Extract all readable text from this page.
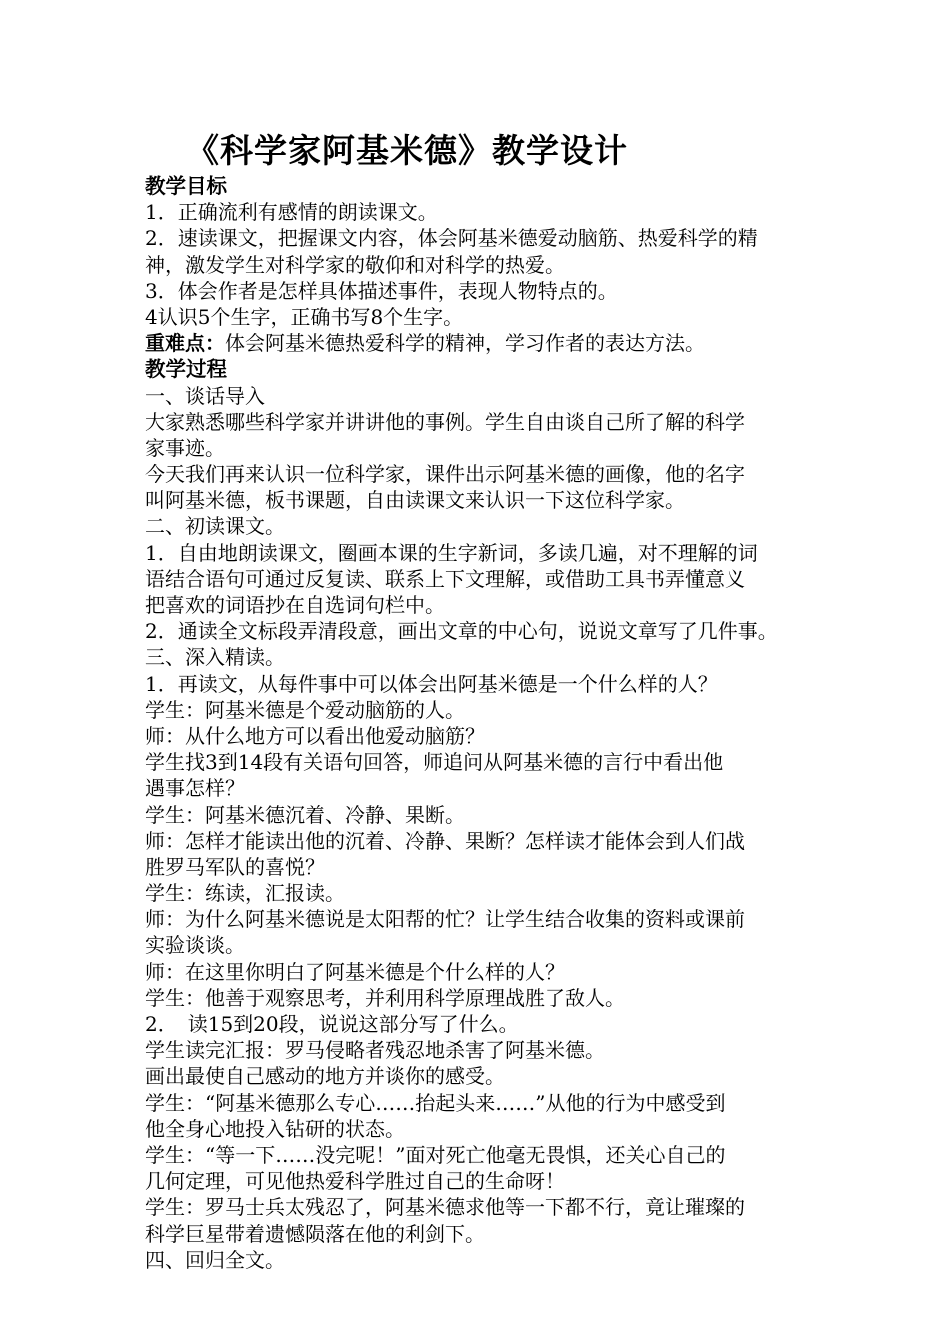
《科学家阿基米德》教学设计
教学目标
1．正确流利有感情的朗读课文。
2．速读课文，把握课文内容，体会阿基米德爱动脑筋、热爱科学的精
神，激发学生对科学家的敬仰和对科学的热爱。
3．体会作者是怎样具体描述事件，表现人物特点的。
4认识5个生字，正确书写8个生字。
重难点：体会阿基米德热爱科学的精神，学习作者的表达方法。
教学过程
一、谈话导入
大家熟悉哪些科学家并讲讲他的事例。学生自由谈自己所了解的科学
家事迹。
今天我们再来认识一位科学家，课件出示阿基米德的画像，他的名字
叫阿基米德，板书课题，自由读课文来认识一下这位科学家。
二、初读课文。
1．自由地朗读课文，圈画本课的生字新词，多读几遍，对不理解的词
语结合语句可通过反复读、联系上下文理解，或借助工具书弄懂意义
把喜欢的词语抄在自选词句栏中。
2．通读全文标段弄清段意，画出文章的中心句，说说文章写了几件事。
三、深入精读。
1．再读文，从每件事中可以体会出阿基米德是一个什么样的人？
学生：阿基米德是个爱动脑筋的人。
师：从什么地方可以看出他爱动脑筋？
学生找3到14段有关语句回答，师追问从阿基米德的言行中看出他
遇事怎样？
学生：阿基米德沉着、冷静、果断。
师：怎样才能读出他的沉着、冷静、果断？怎样读才能体会到人们战
胜罗马军队的喜悦？
学生：练读，汇报读。
师：为什么阿基米德说是太阳帮的忙？让学生结合收集的资料或课前
实验谈谈。
师：在这里你明白了阿基米德是个什么样的人？
学生：他善于观察思考，并利用科学原理战胜了敌人。
2．　读15到20段，说说这部分写了什么。
学生读完汇报：罗马侵略者残忍地杀害了阿基米德。
画出最使自己感动的地方并谈你的感受。
学生：“阿基米德那么专心……抬起头来……”从他的行为中感受到
他全身心地投入钻研的状态。
学生：“等一下……没完呢！”面对死亡他毫无畏惧，还关心自己的
几何定理，可见他热爱科学胜过自己的生命呀！
学生：罗马士兵太残忍了，阿基米德求他等一下都不行，竟让璀璨的
科学巨星带着遗憾陨落在他的利剑下。
四、回归全文。
